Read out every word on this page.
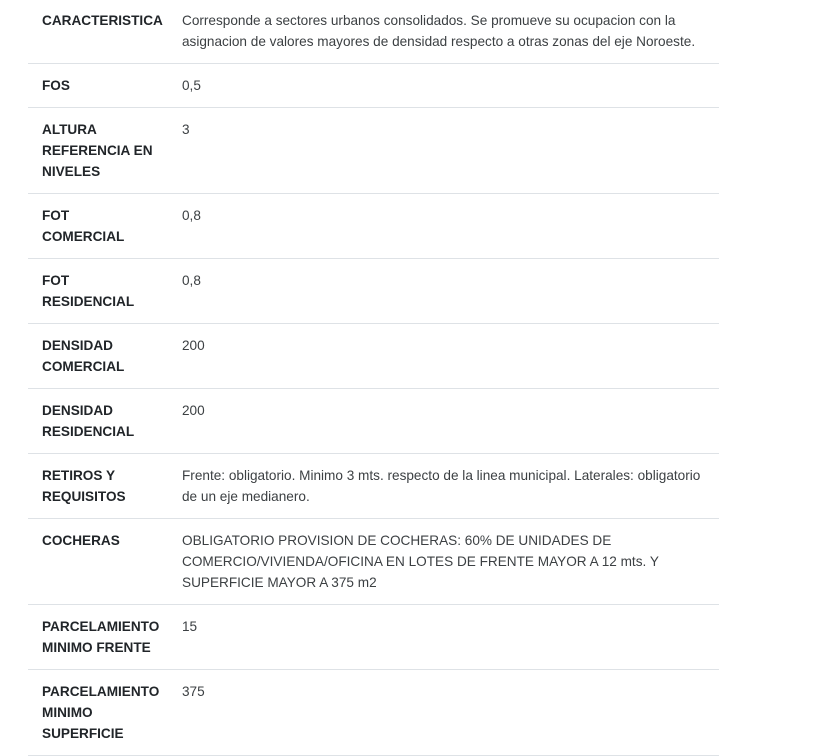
CARACTERISTICA	Corresponde a sectores urbanos consolidados. Se promueve su ocupacion con la asignacion de valores mayores de densidad respecto a otras zonas del eje Noroeste.
FOS	0,5
ALTURA REFERENCIA EN NIVELES	3
FOT COMERCIAL	0,8
FOT RESIDENCIAL	0,8
DENSIDAD COMERCIAL	200
DENSIDAD RESIDENCIAL	200
RETIROS Y REQUISITOS	Frente: obligatorio. Minimo 3 mts. respecto de la linea municipal. Laterales: obligatorio de un eje medianero.
COCHERAS	OBLIGATORIO PROVISION DE COCHERAS: 60% DE UNIDADES DE COMERCIO/VIVIENDA/OFICINA EN LOTES DE FRENTE MAYOR A 12 mts. Y SUPERFICIE MAYOR A 375 m2
PARCELAMIENTO MINIMO FRENTE	15
PARCELAMIENTO MINIMO SUPERFICIE	375
